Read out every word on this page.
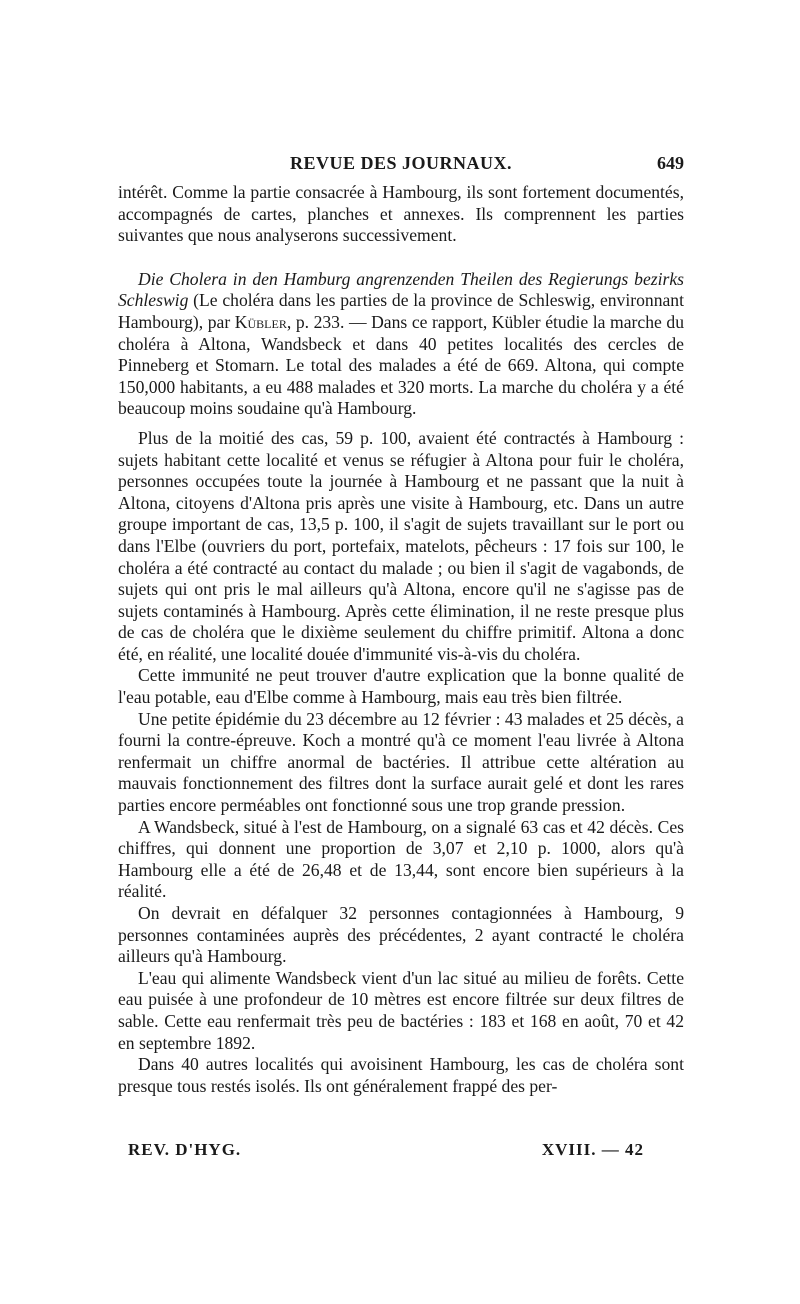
REVUE DES JOURNAUX.	649

intérêt. Comme la partie consacrée à Hambourg, ils sont fortement documentés, accompagnés de cartes, planches et annexes. Ils comprennent les parties suivantes que nous analyserons successivement.

Die Cholera in den Hamburg angrenzenden Theilen des Regierungs bezirks Schleswig (Le choléra dans les parties de la province de Schleswig, environnant Hambourg), par Kübler, p. 233. — Dans ce rapport, Kübler étudie la marche du choléra à Altona, Wandsbeck et dans 40 petites localités des cercles de Pinneberg et Stomarn. Le total des malades a été de 669. Altona, qui compte 150,000 habitants, a eu 488 malades et 320 morts. La marche du choléra y a été beaucoup moins soudaine qu'à Hambourg.

Plus de la moitié des cas, 59 p. 100, avaient été contractés à Hambourg : sujets habitant cette localité et venus se réfugier à Altona pour fuir le choléra, personnes occupées toute la journée à Hambourg et ne passant que la nuit à Altona, citoyens d'Altona pris après une visite à Hambourg, etc. Dans un autre groupe important de cas, 13,5 p. 100, il s'agit de sujets travaillant sur le port ou dans l'Elbe (ouvriers du port, portefaix, matelots, pêcheurs : 17 fois sur 100, le choléra a été contracté au contact du malade ; ou bien il s'agit de vagabonds, de sujets qui ont pris le mal ailleurs qu'à Altona, encore qu'il ne s'agisse pas de sujets contaminés à Hambourg. Après cette élimination, il ne reste presque plus de cas de choléra que le dixième seulement du chiffre primitif. Altona a donc été, en réalité, une localité douée d'immunité vis-à-vis du choléra.

Cette immunité ne peut trouver d'autre explication que la bonne qualité de l'eau potable, eau d'Elbe comme à Hambourg, mais eau très bien filtrée.

Une petite épidémie du 23 décembre au 12 février : 43 malades et 25 décès, a fourni la contre-épreuve. Koch a montré qu'à ce moment l'eau livrée à Altona renfermait un chiffre anormal de bactéries. Il attribue cette altération au mauvais fonctionnement des filtres dont la surface aurait gelé et dont les rares parties encore perméables ont fonctionné sous une trop grande pression.

A Wandsbeck, situé à l'est de Hambourg, on a signalé 63 cas et 42 décès. Ces chiffres, qui donnent une proportion de 3,07 et 2,10 p. 1000, alors qu'à Hambourg elle a été de 26,48 et de 13,44, sont encore bien supérieurs à la réalité.

On devrait en défalquer 32 personnes contagionnées à Hambourg, 9 personnes contaminées auprès des précédentes, 2 ayant contracté le choléra ailleurs qu'à Hambourg.

L'eau qui alimente Wandsbeck vient d'un lac situé au milieu de forêts. Cette eau puisée à une profondeur de 10 mètres est encore filtrée sur deux filtres de sable. Cette eau renfermait très peu de bactéries : 183 et 168 en août, 70 et 42 en septembre 1892.

Dans 40 autres localités qui avoisinent Hambourg, les cas de choléra sont presque tous restés isolés. Ils ont généralement frappé des per-

REV. D'HYG.	XVIII. — 42
